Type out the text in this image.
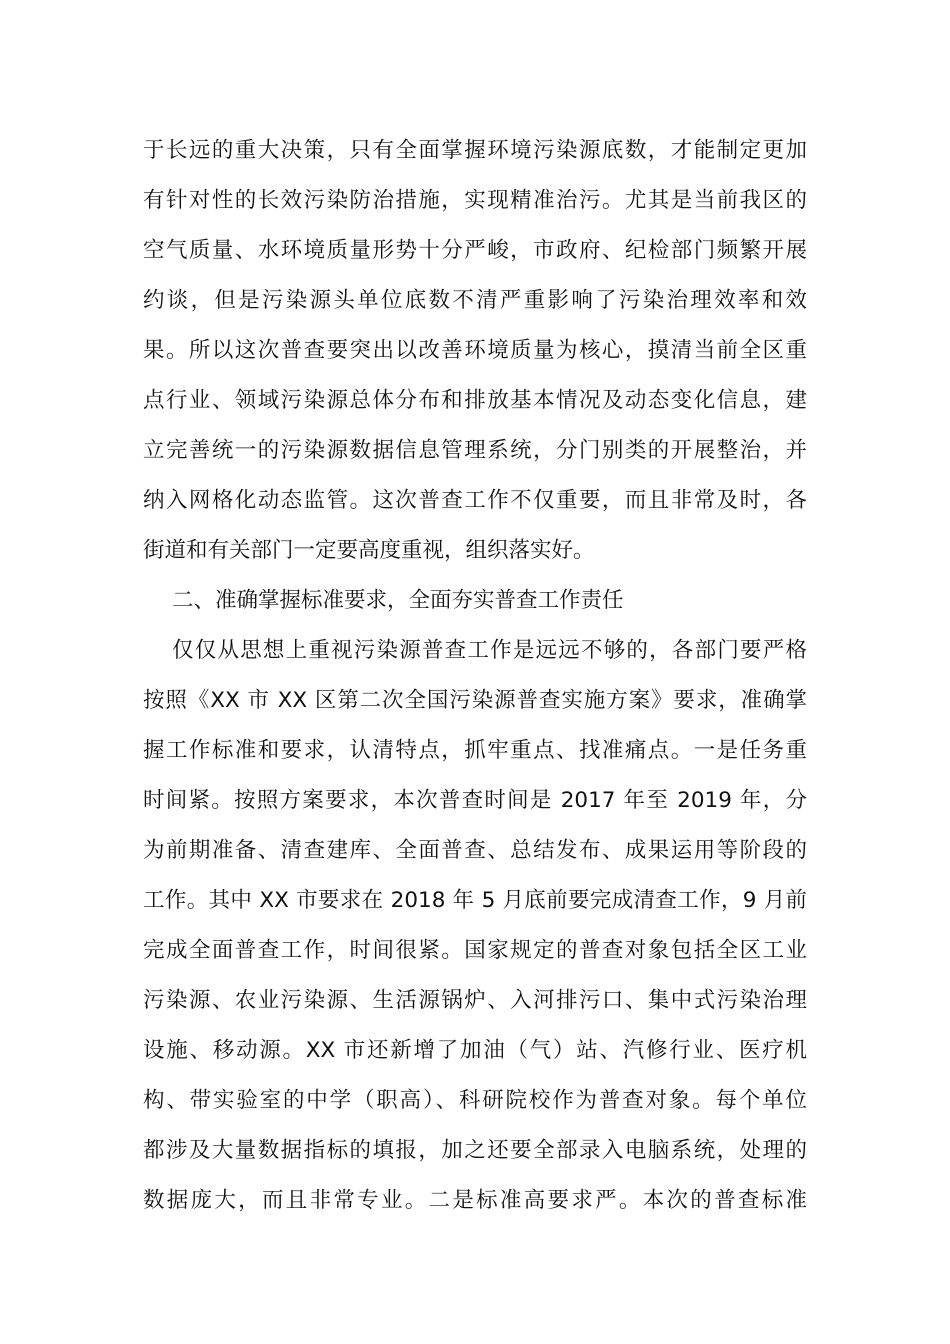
于长远的重大决策，只有全面掌握环境污染源底数，才能制定更加
有针对性的长效污染防治措施，实现精准治污。尤其是当前我区的
空气质量、水环境质量形势十分严峻，市政府、纪检部门频繁开展
约谈，但是污染源头单位底数不清严重影响了污染治理效率和效
果。所以这次普查要突出以改善环境质量为核心，摸清当前全区重
点行业、领域污染源总体分布和排放基本情况及动态变化信息，建
立完善统一的污染源数据信息管理系统，分门别类的开展整治，并
纳入网格化动态监管。这次普查工作不仅重要，而且非常及时，各
街道和有关部门一定要高度重视，组织落实好。
二、准确掌握标准要求，全面夯实普查工作责任
仅仅从思想上重视污染源普查工作是远远不够的，各部门要严格
按照《XX 市 XX 区第二次全国污染源普查实施方案》要求，准确掌
握工作标准和要求，认清特点，抓牢重点、找准痛点。一是任务重
时间紧。按照方案要求，本次普查时间是 2017 年至 2019 年，分
为前期准备、清查建库、全面普查、总结发布、成果运用等阶段的
工作。其中 XX 市要求在 2018 年 5 月底前要完成清查工作，9 月前
完成全面普查工作，时间很紧。国家规定的普查对象包括全区工业
污染源、农业污染源、生活源锅炉、入河排污口、集中式污染治理
设施、移动源。XX 市还新增了加油（气）站、汽修行业、医疗机
构、带实验室的中学（职高）、科研院校作为普查对象。每个单位
都涉及大量数据指标的填报，加之还要全部录入电脑系统，处理的
数据庞大，而且非常专业。二是标准高要求严。本次的普查标准
